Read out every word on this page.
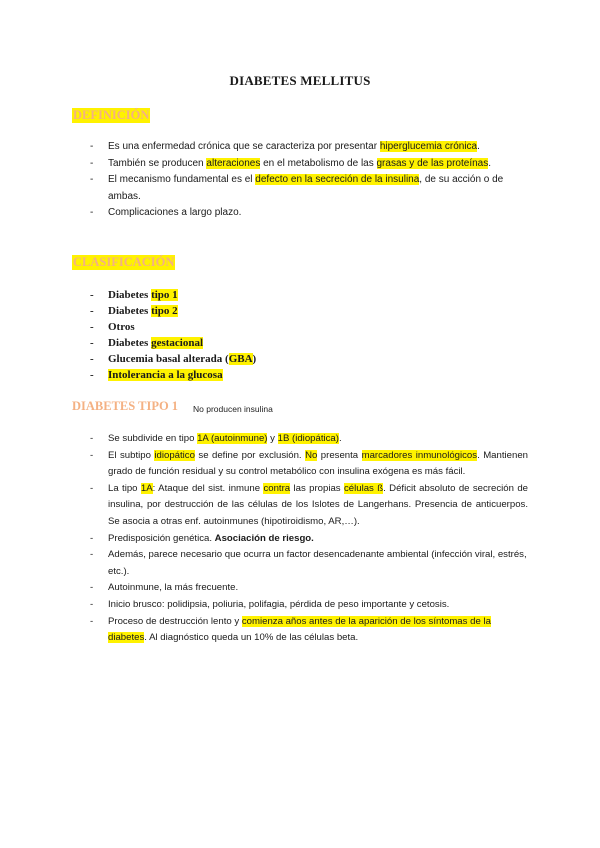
DIABETES MELLITUS
DEFINICIÓN
- Es una enfermedad crónica que se caracteriza por presentar hiperglucemia crónica.
- También se producen alteraciones en el metabolismo de las grasas y de las proteínas.
- El mecanismo fundamental es el defecto en la secreción de la insulina, de su acción o de ambas.
- Complicaciones a largo plazo.
CLASIFICACIÓN
- Diabetes tipo 1
- Diabetes tipo 2
- Otros
- Diabetes gestacional
- Glucemia basal alterada (GBA)
- Intolerancia a la glucosa
DIABETES TIPO 1 No producen insulina
- Se subdivide en tipo 1A (autoinmune) y 1B (idiopática).
- El subtipo idiopático se define por exclusión. No presenta marcadores inmunológicos. Mantienen grado de función residual y su control metabólico con insulina exógena es más fácil.
- La tipo 1A: Ataque del sist. inmune contra las propias células ß. Déficit absoluto de secreción de insulina, por destrucción de las células de los Islotes de Langerhans. Presencia de anticuerpos. Se asocia a otras enf. autoinmunes (hipotiroidismo, AR,…).
- Predisposición genética. Asociación de riesgo.
- Además, parece necesario que ocurra un factor desencadenante ambiental (infección viral, estrés, etc.).
- Autoinmune, la más frecuente.
- Inicio brusco: polidipsia, poliuria, polifagia, pérdida de peso importante y cetosis.
- Proceso de destrucción lento y comienza años antes de la aparición de los síntomas de la diabetes. Al diagnóstico queda un 10% de las células beta.
